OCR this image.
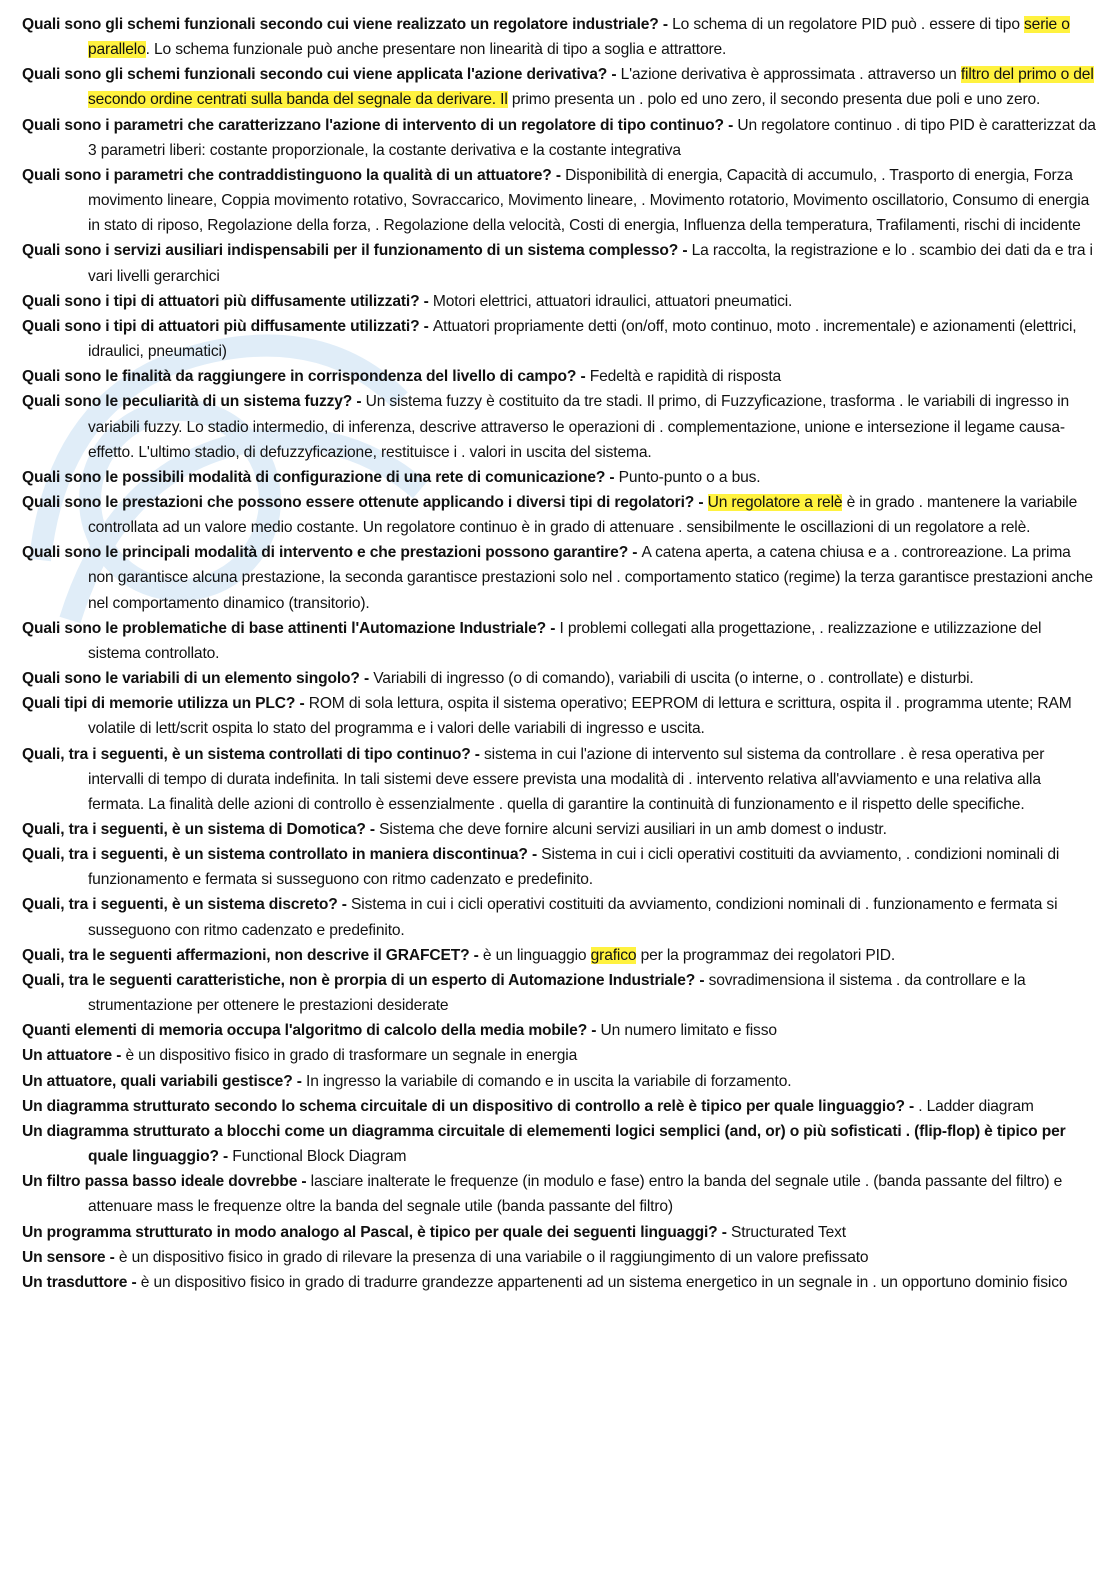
Quali sono gli schemi funzionali secondo cui viene realizzato un regolatore industriale? - Lo schema di un regolatore PID può . essere di tipo serie o parallelo. Lo schema funzionale può anche presentare non linearità di tipo a soglia e attrattore.

Quali sono gli schemi funzionali secondo cui viene applicata l'azione derivativa? - L'azione derivativa è approssimata . attraverso un filtro del primo o del secondo ordine centrati sulla banda del segnale da derivare. Il primo presenta un . polo ed uno zero, il secondo presenta due poli e uno zero.

Quali sono i parametri che caratterizzano l'azione di intervento di un regolatore di tipo continuo? - Un regolatore continuo . di tipo PID è caratterizzat da 3 parametri liberi: costante proporzionale, la costante derivativa e la costante integrativa

Quali sono i parametri che contraddistinguono la qualità di un attuatore? - Disponibilità di energia, Capacità di accumulo, . Trasporto di energia, Forza movimento lineare, Coppia movimento rotativo, Sovraccarico, Movimento lineare, . Movimento rotatorio, Movimento oscillatorio, Consumo di energia in stato di riposo, Regolazione della forza, . Regolazione della velocità, Costi di energia, Influenza della temperatura, Trafilamenti, rischi di incidente

Quali sono i servizi ausiliari indispensabili per il funzionamento di un sistema complesso? - La raccolta, la registrazione e lo . scambio dei dati da e tra i vari livelli gerarchici

Quali sono i tipi di attuatori più diffusamente utilizzati? - Motori elettrici, attuatori idraulici, attuatori pneumatici.

Quali sono i tipi di attuatori più diffusamente utilizzati? - Attuatori propriamente detti (on/off, moto continuo, moto . incrementale) e azionamenti (elettrici, idraulici, pneumatici)

Quali sono le finalità da raggiungere in corrispondenza del livello di campo? - Fedeltà e rapidità di risposta

Quali sono le peculiarità di un sistema fuzzy? - Un sistema fuzzy è costituito da tre stadi. Il primo, di Fuzzyficazione, trasforma . le variabili di ingresso in variabili fuzzy. Lo stadio intermedio, di inferenza, descrive attraverso le operazioni di . complementazione, unione e intersezione il legame causa-effetto. L'ultimo stadio, di defuzzyficazione, restituisce i . valori in uscita del sistema.

Quali sono le possibili modalità di configurazione di una rete di comunicazione? - Punto-punto o a bus.

Quali sono le prestazioni che possono essere ottenute applicando i diversi tipi di regolatori? - Un regolatore a relè è in grado . mantenere la variabile controllata ad un valore medio costante. Un regolatore continuo è in grado di attenuare . sensibilmente le oscillazioni di un regolatore a relè.

Quali sono le principali modalità di intervento e che prestazioni possono garantire? - A catena aperta, a catena chiusa e a . controreazione. La prima non garantisce alcuna prestazione, la seconda garantisce prestazioni solo nel . comportamento statico (regime) la terza garantisce prestazioni anche nel comportamento dinamico (transitorio).

Quali sono le problematiche di base attinenti l'Automazione Industriale? - I problemi collegati alla progettazione, . realizzazione e utilizzazione del sistema controllato.

Quali sono le variabili di un elemento singolo? - Variabili di ingresso (o di comando), variabili di uscita (o interne, o . controllate) e disturbi.

Quali tipi di memorie utilizza un PLC? - ROM di sola lettura, ospita il sistema operativo; EEPROM di lettura e scrittura, ospita il . programma utente; RAM volatile di lett/scrit ospita lo stato del programma e i valori delle variabili di ingresso e uscita.

Quali, tra i seguenti, è un sistema controllati di tipo continuo? - sistema in cui l'azione di intervento sul sistema da controllare . è resa operativa per intervalli di tempo di durata indefinita. In tali sistemi deve essere prevista una modalità di . intervento relativa all'avviamento e una relativa alla fermata. La finalità delle azioni di controllo è essenzialmente . quella di garantire la continuità di funzionamento e il rispetto delle specifiche.

Quali, tra i seguenti, è un sistema di Domotica? - Sistema che deve fornire alcuni servizi ausiliari in un amb domest o industr.

Quali, tra i seguenti, è un sistema controllato in maniera discontinua? - Sistema in cui i cicli operativi costituiti da avviamento, . condizioni nominali di funzionamento e fermata si susseguono con ritmo cadenzato e predefinito.

Quali, tra i seguenti, è un sistema discreto? - Sistema in cui i cicli operativi costituiti da avviamento, condizioni nominali di . funzionamento e fermata si susseguono con ritmo cadenzato e predefinito.

Quali, tra le seguenti affermazioni, non descrive il GRAFCET? - è un linguaggio grafico per la programmaz dei regolatori PID.

Quali, tra le seguenti caratteristiche, non è prorpia di un esperto di Automazione Industriale? - sovradimensiona il sistema . da controllare e la strumentazione per ottenere le prestazioni desiderate

Quanti elementi di memoria occupa l'algoritmo di calcolo della media mobile? - Un numero limitato e fisso

Un attuatore - è un dispositivo fisico in grado di trasformare un segnale in energia

Un attuatore, quali variabili gestisce? - In ingresso la variabile di comando e in uscita la variabile di forzamento.

Un diagramma strutturato secondo lo schema circuitale di un dispositivo di controllo a relè è tipico per quale linguaggio? - . Ladder diagram

Un diagramma strutturato a blocchi come un diagramma circuitale di elemementi logici semplici (and, or) o più sofisticati . (flip-flop) è tipico per quale linguaggio? - Functional Block Diagram

Un filtro passa basso ideale dovrebbe - lasciare inalterate le frequenze (in modulo e fase) entro la banda del segnale utile . (banda passante del filtro) e attenuare mass le frequenze oltre la banda del segnale utile (banda passante del filtro)

Un programma strutturato in modo analogo al Pascal, è tipico per quale dei seguenti linguaggi? - Structurated Text

Un sensore - è un dispositivo fisico in grado di rilevare la presenza di una variabile o il raggiungimento di un valore prefissato

Un trasduttore - è un dispositivo fisico in grado di tradurre grandezze appartenenti ad un sistema energetico in un segnale in . un opportuno dominio fisico
